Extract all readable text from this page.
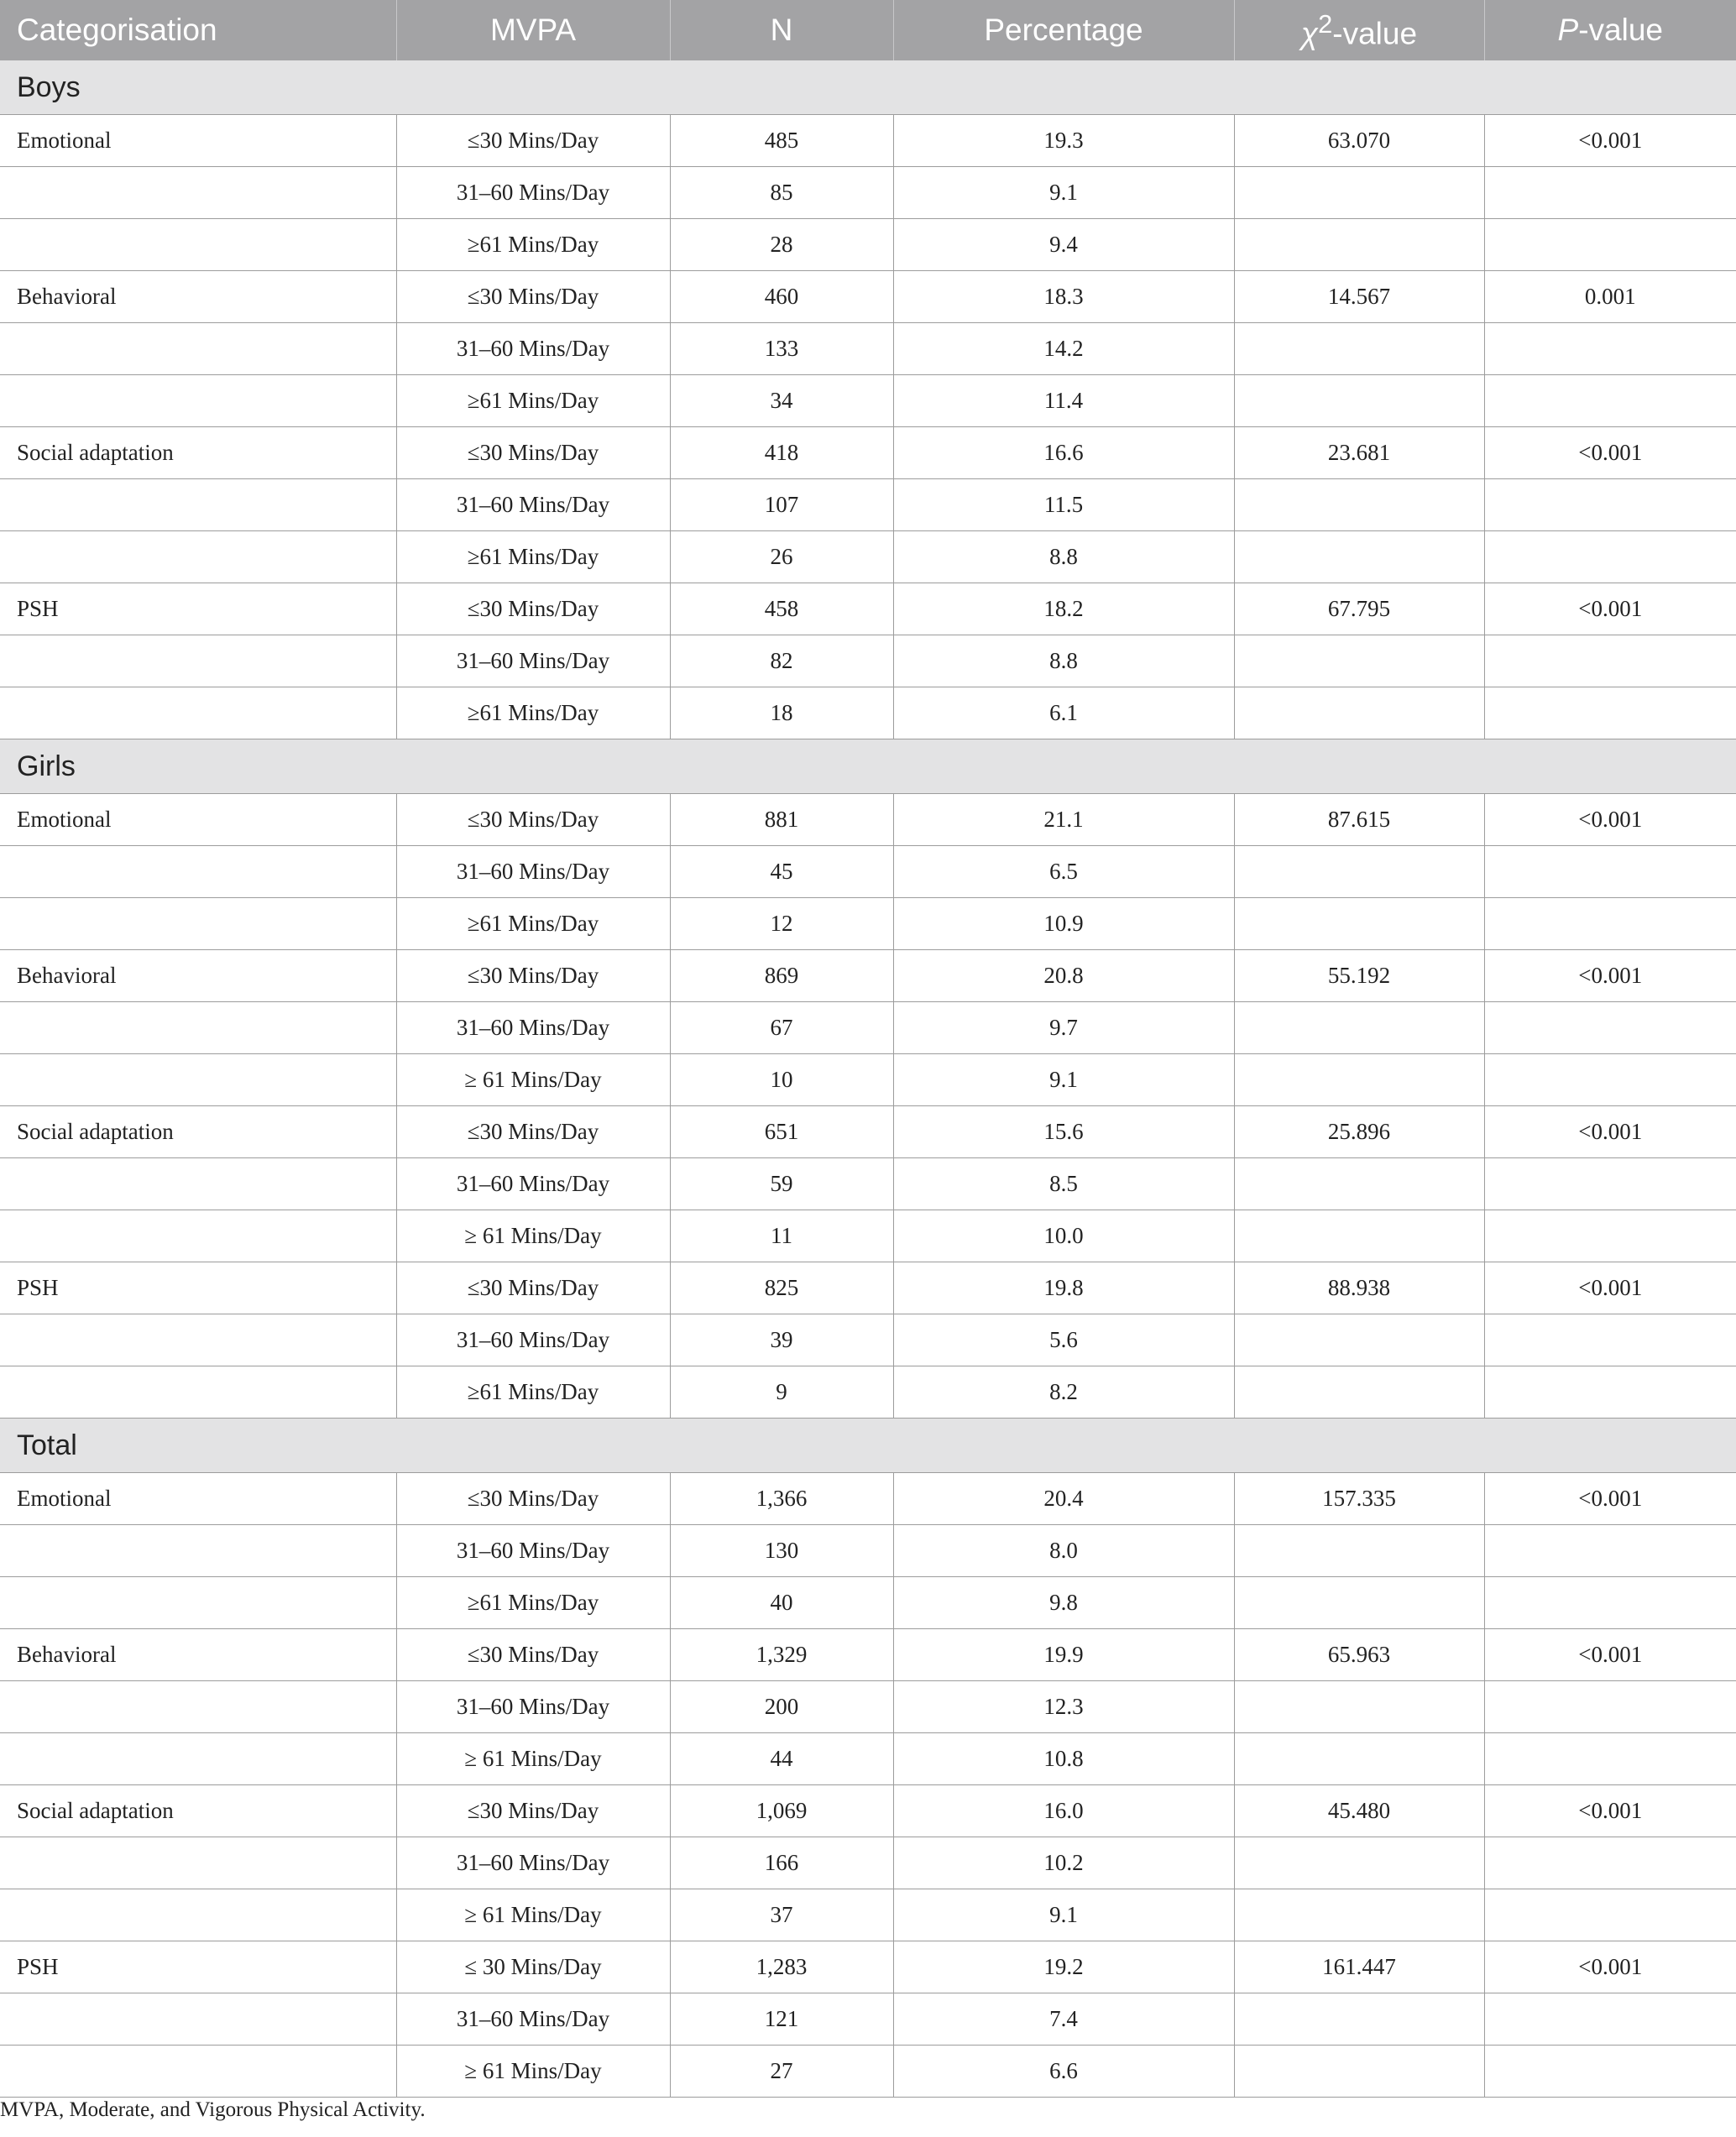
Categorisation	MVPA	N	Percentage	$\chi^2$-value	P-value
Boys					
Emotional	≤30 Mins/Day	485	19.3	63.070	<0.001
	31–60 Mins/Day	85	9.1		
	≥61 Mins/Day	28	9.4		
Behavioral	≤30 Mins/Day	460	18.3	14.567	0.001
	31–60 Mins/Day	133	14.2		
	≥61 Mins/Day	34	11.4		
Social adaptation	≤30 Mins/Day	418	16.6	23.681	<0.001
	31–60 Mins/Day	107	11.5		
	≥61 Mins/Day	26	8.8		
PSH	≤30 Mins/Day	458	18.2	67.795	<0.001
	31–60 Mins/Day	82	8.8		
	≥61 Mins/Day	18	6.1		
Girls					
Emotional	≤30 Mins/Day	881	21.1	87.615	<0.001
	31–60 Mins/Day	45	6.5		
	≥61 Mins/Day	12	10.9		
Behavioral	≤30 Mins/Day	869	20.8	55.192	<0.001
	31–60 Mins/Day	67	9.7		
	≥ 61 Mins/Day	10	9.1		
Social adaptation	≤30 Mins/Day	651	15.6	25.896	<0.001
	31–60 Mins/Day	59	8.5		
	≥ 61 Mins/Day	11	10.0		
PSH	≤30 Mins/Day	825	19.8	88.938	<0.001
	31–60 Mins/Day	39	5.6		
	≥61 Mins/Day	9	8.2		
Total					
Emotional	≤30 Mins/Day	1,366	20.4	157.335	<0.001
	31–60 Mins/Day	130	8.0		
	≥61 Mins/Day	40	9.8		
Behavioral	≤30 Mins/Day	1,329	19.9	65.963	<0.001
	31–60 Mins/Day	200	12.3		
	≥ 61 Mins/Day	44	10.8		
Social adaptation	≤30 Mins/Day	1,069	16.0	45.480	<0.001
	31–60 Mins/Day	166	10.2		
	≥ 61 Mins/Day	37	9.1		
PSH	≤ 30 Mins/Day	1,283	19.2	161.447	<0.001
	31–60 Mins/Day	121	7.4		
	≥ 61 Mins/Day	27	6.6		

MVPA, Moderate, and Vigorous Physical Activity.
